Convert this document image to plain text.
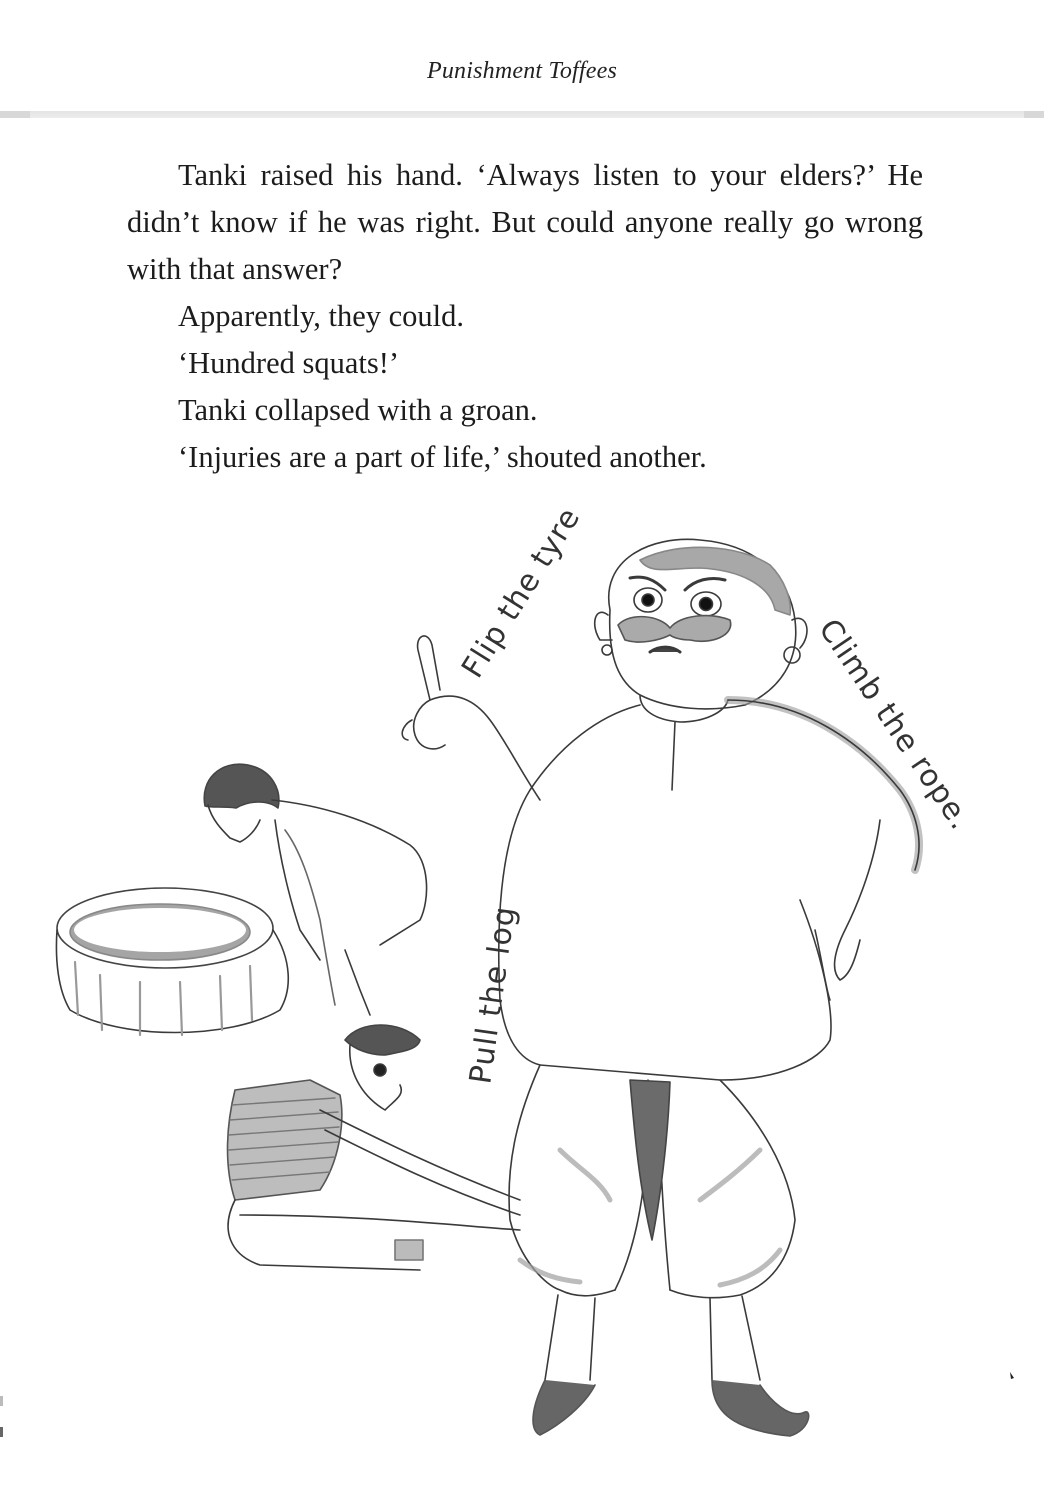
Punishment Toffees

Tanki raised his hand. ‘Always listen to your elders?’ He didn’t know if he was right. But could anyone really go wrong with that answer?

Apparently, they could.

‘Hundred squats!’

Tanki collapsed with a groan.

‘Injuries are a part of life,’ shouted another.

Flip the tyre
Climb the rope.
Pull the log
